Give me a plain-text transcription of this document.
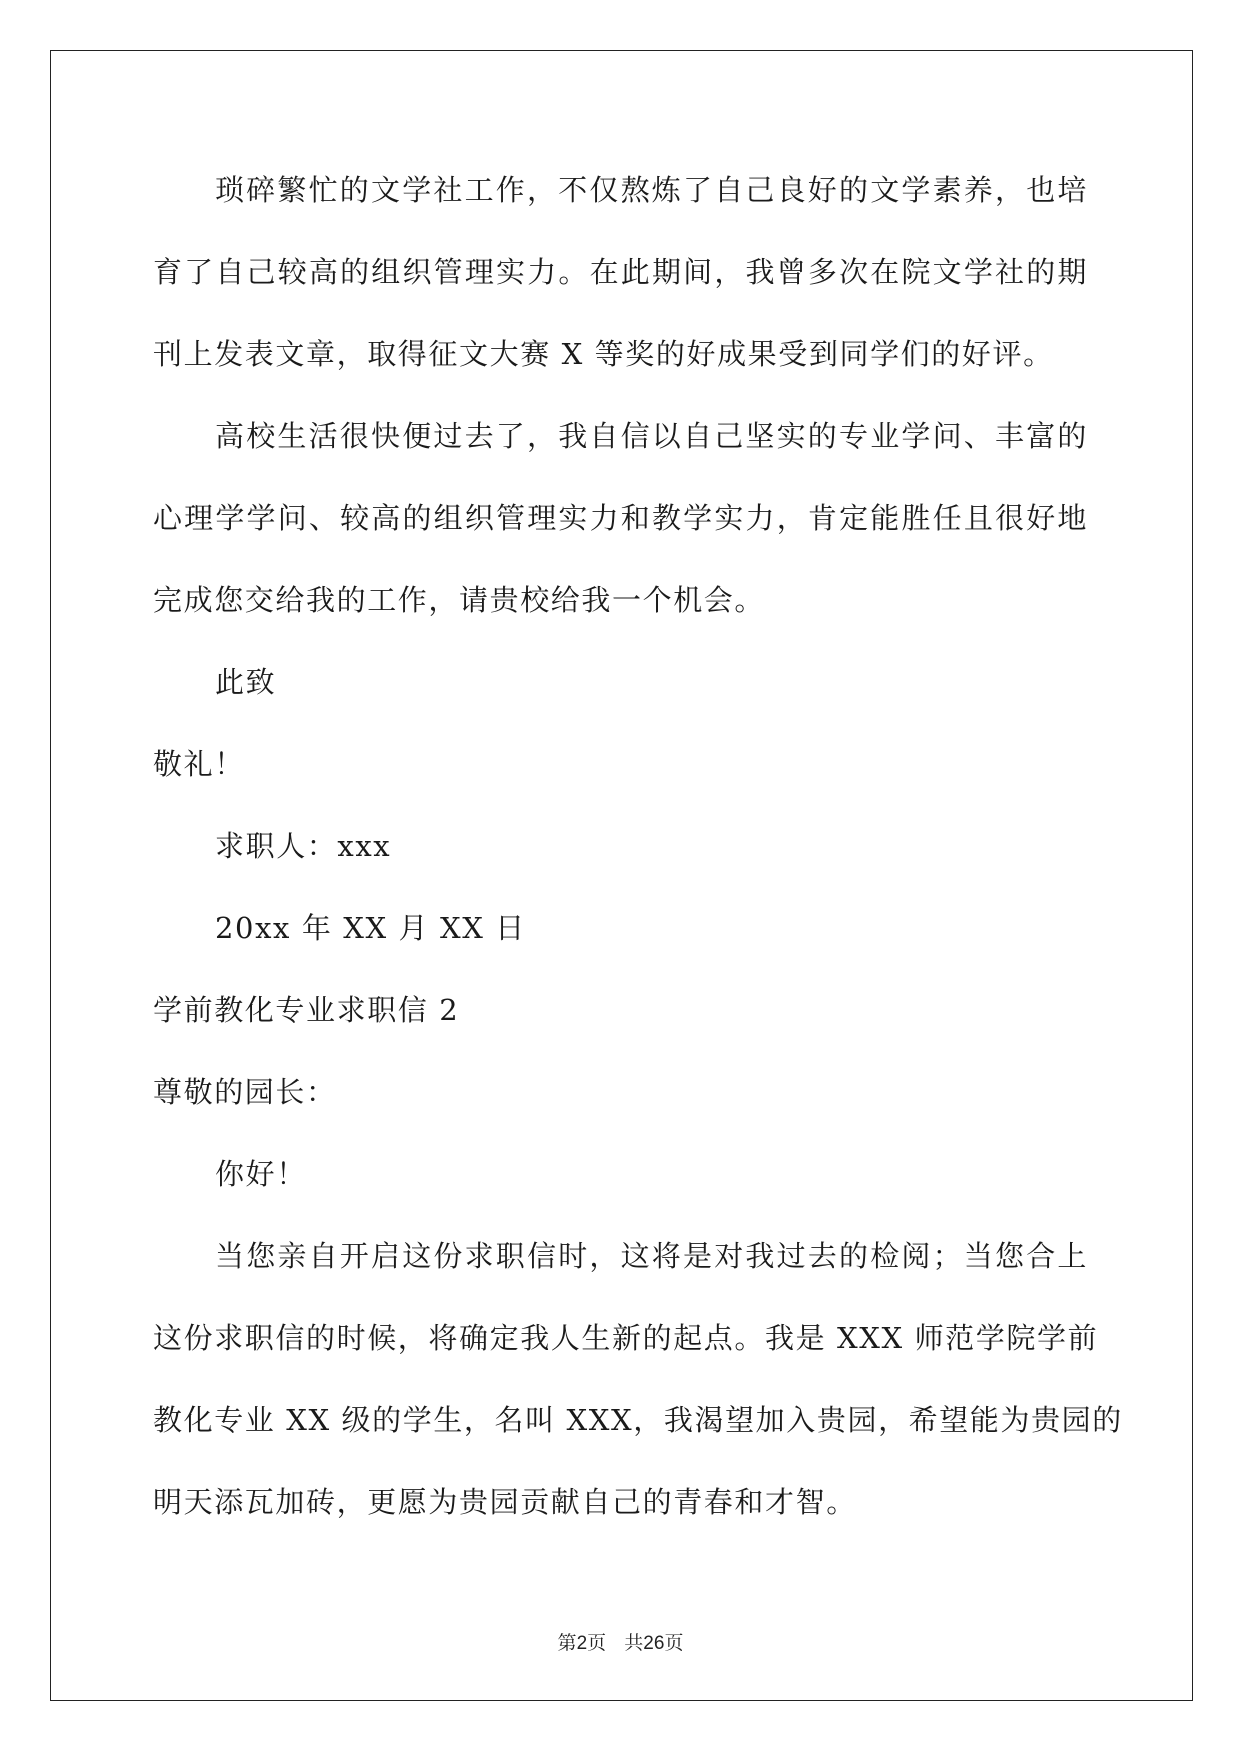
琐碎繁忙的文学社工作，不仅熬炼了自己良好的文学素养，也培
育了自己较高的组织管理实力。在此期间，我曾多次在院文学社的期
刊上发表文章，取得征文大赛 X 等奖的好成果受到同学们的好评。
高校生活很快便过去了，我自信以自己坚实的专业学问、丰富的
心理学学问、较高的组织管理实力和教学实力，肯定能胜任且很好地
完成您交给我的工作，请贵校给我一个机会。
此致
敬礼！
求职人：xxx
20xx 年 XX 月 XX 日
学前教化专业求职信 2
尊敬的园长：
你好！
当您亲自开启这份求职信时，这将是对我过去的检阅；当您合上
这份求职信的时候，将确定我人生新的起点。我是 XXX 师范学院学前
教化专业 XX 级的学生，名叫 XXX，我渴望加入贵园，希望能为贵园的
明天添瓦加砖，更愿为贵园贡献自己的青春和才智。
第2页 共26页
